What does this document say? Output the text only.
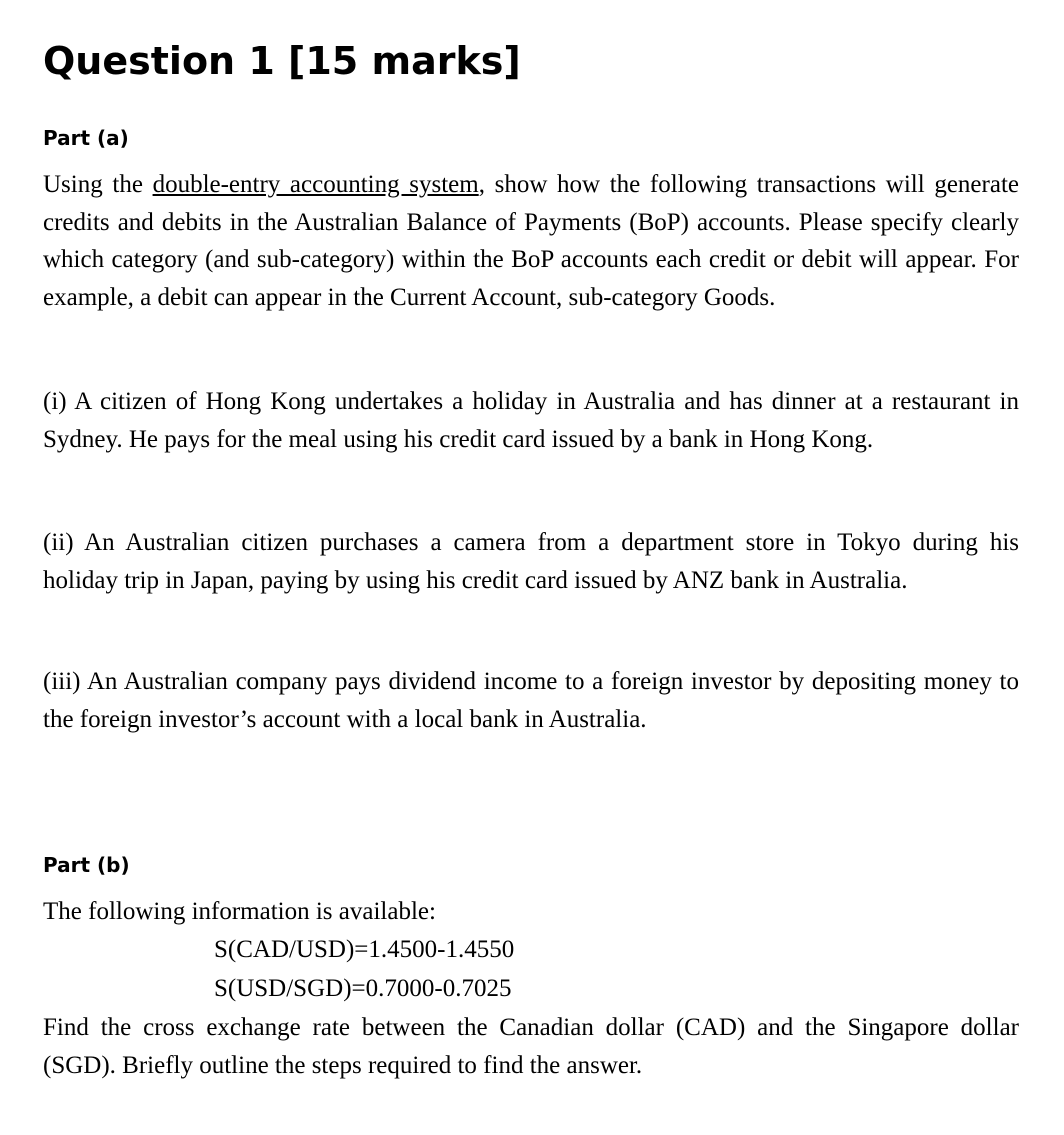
Question 1 [15 marks]
Part (a)

Using the double-entry accounting system, show how the following transactions will generate credits and debits in the Australian Balance of Payments (BoP) accounts. Please specify clearly which category (and sub-category) within the BoP accounts each credit or debit will appear. For example, a debit can appear in the Current Account, sub-category Goods.

(i) A citizen of Hong Kong undertakes a holiday in Australia and has dinner at a restaurant in Sydney. He pays for the meal using his credit card issued by a bank in Hong Kong.

(ii) An Australian citizen purchases a camera from a department store in Tokyo during his holiday trip in Japan, paying by using his credit card issued by ANZ bank in Australia.

(iii) An Australian company pays dividend income to a foreign investor by depositing money to the foreign investor’s account with a local bank in Australia.

Part (b)

The following information is available:

S(CAD/USD)=1.4500-1.4550

S(USD/SGD)=0.7000-0.7025

Find the cross exchange rate between the Canadian dollar (CAD) and the Singapore dollar (SGD). Briefly outline the steps required to find the answer.
